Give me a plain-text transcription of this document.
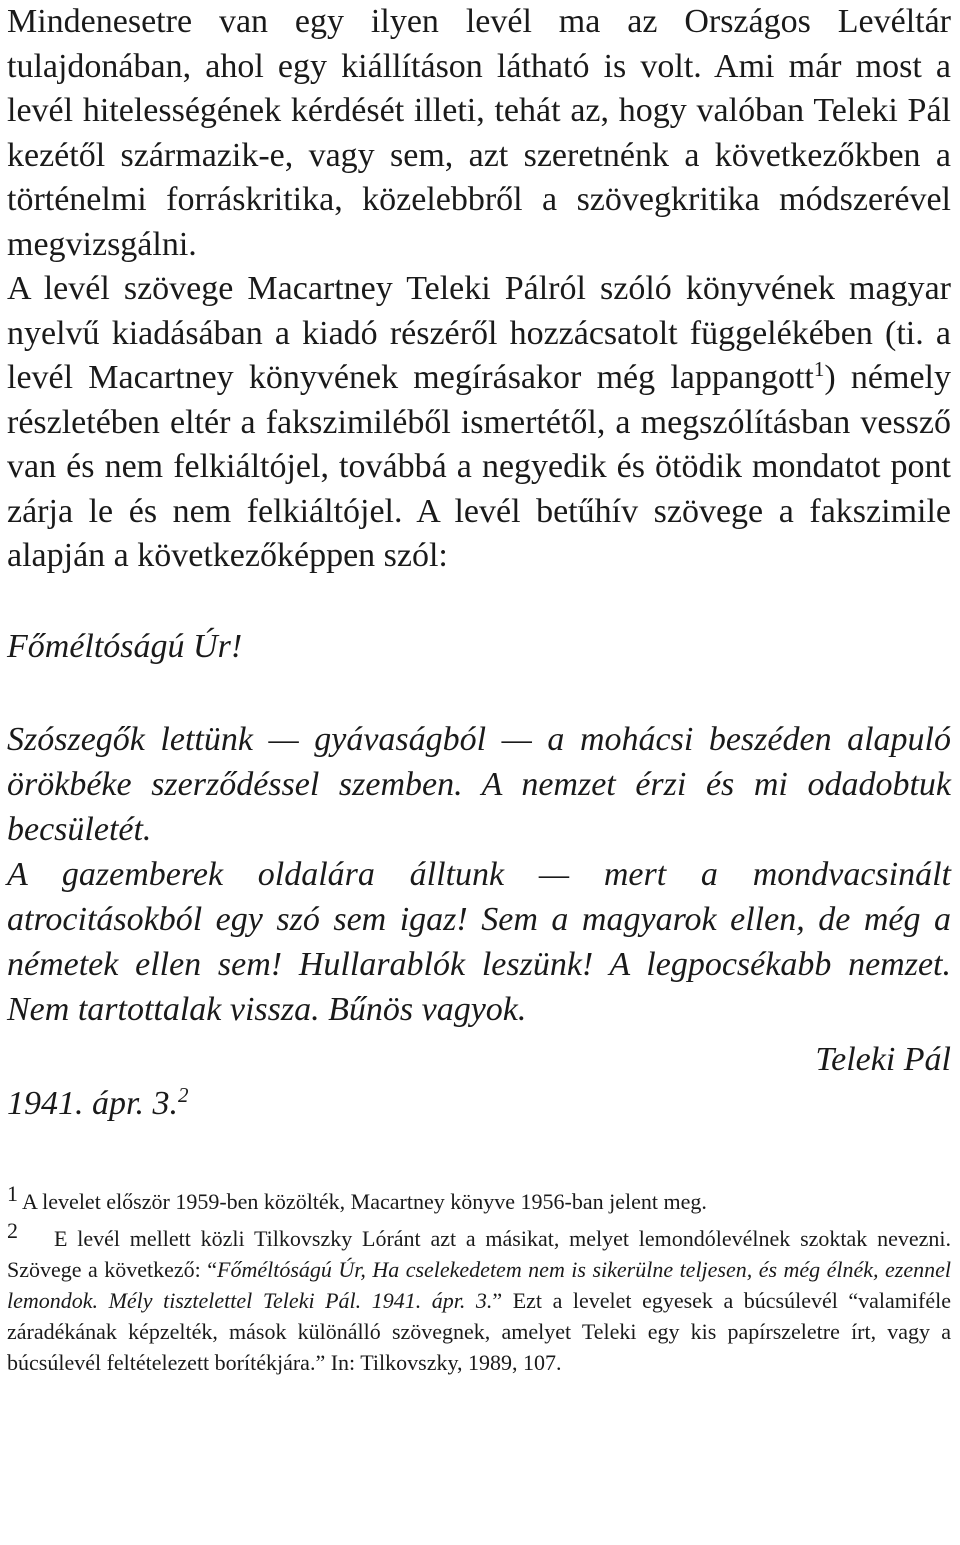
Mindenesetre van egy ilyen levél ma az Országos Levéltár tulajdonában, ahol egy kiállításon látható is volt. Ami már most a levél hitelességének kérdését illeti, tehát az, hogy valóban Teleki Pál kezétől származik-e, vagy sem, azt szeretnénk a következőkben a történelmi forráskritika, közelebbről a szövegkritika módszerével megvizsgálni.

A levél szövege Macartney Teleki Pálról szóló könyvének magyar nyelvű kiadásában a kiadó részéről hozzácsatolt függelékében (ti. a levél Macartney könyvének megírásakor még lappangott$^1$) némely részletében eltér a fakszimiléből ismertétől, a megszólításban vessző van és nem felkiáltójel, továbbá a negyedik és ötödik mondatot pont zárja le és nem felkiáltójel. A levél betűhív szövege a fakszimile alapján a következőképpen szól:

Főméltóságú Úr!

Szószegők lettünk — gyávaságból — a mohácsi beszéden alapuló örökbéke szerződéssel szemben. A nemzet érzi és mi odadobtuk becsületét.

A gazemberek oldalára álltunk — mert a mondvacsinált atrocitásokból egy szó sem igaz! Sem a magyarok ellen, de még a németek ellen sem! Hullarablók leszünk! A legpocsékabb nemzet. Nem tartottalak vissza. Bűnös vagyok.

Teleki Pál
1941. ápr. 3.$^2$

1 A levelet először 1959-ben közölték, Macartney könyve 1956-ban jelent meg.

2 E levél mellett közli Tilkovszky Lóránt azt a másikat, melyet lemondólevélnek szoktak nevezni. Szövege a következő: “Főméltóságú Úr, Ha cselekedetem nem is sikerülne teljesen, és még élnék, ezennel lemondok. Mély tisztelettel Teleki Pál. 1941. ápr. 3.” Ezt a levelet egyesek a búcsúlevél “valamiféle záradékának képzelték, mások különálló szövegnek, amelyet Teleki egy kis papírszeletre írt, vagy a búcsúlevél feltételezett borítékjára.” In: Tilkovszky, 1989, 107.
